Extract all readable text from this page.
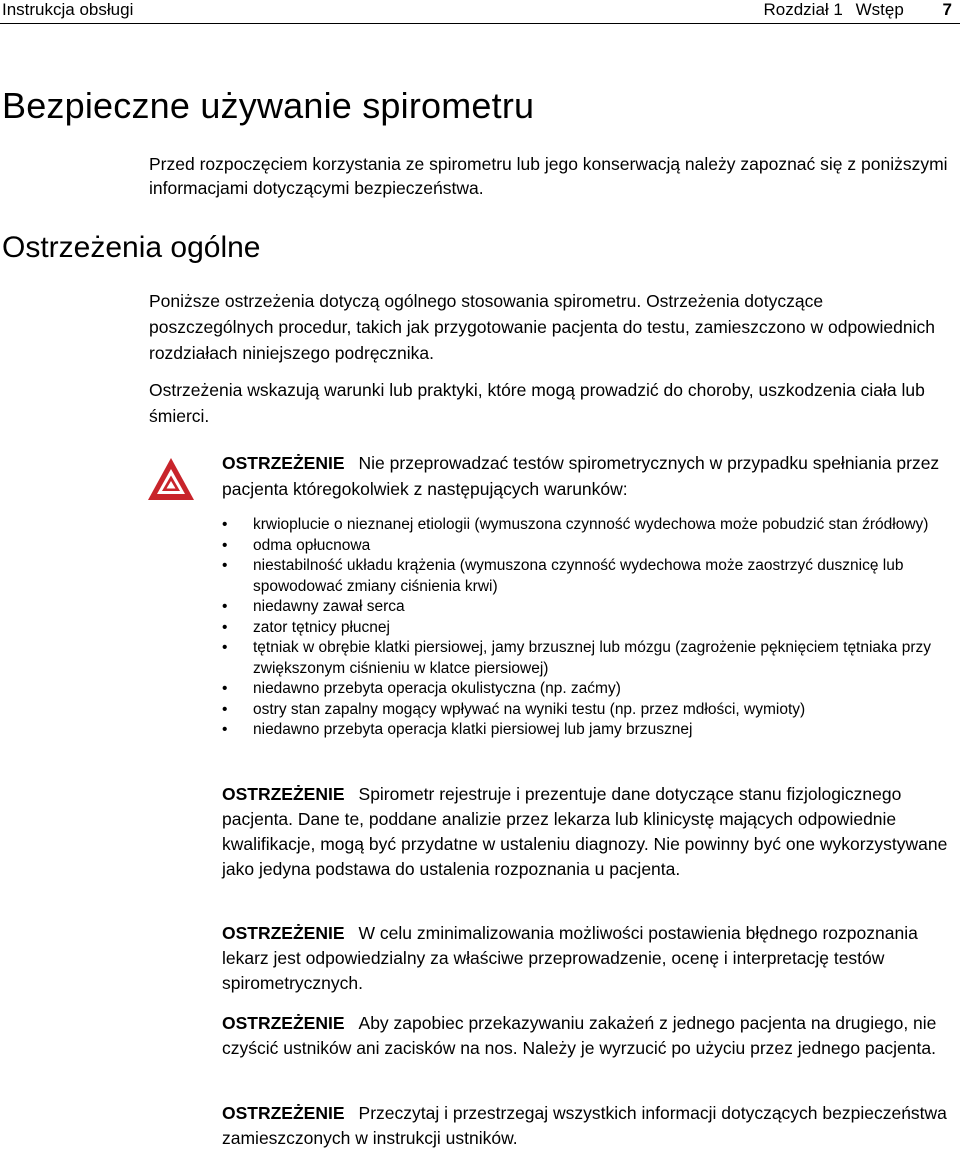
Instrukcja obsługi	Rozdział 1 Wstęp 7
Bezpieczne używanie spirometru

Przed rozpoczęciem korzystania ze spirometru lub jego konserwacją należy zapoznać się z poniższymi informacjami dotyczącymi bezpieczeństwa.

Ostrzeżenia ogólne

Poniższe ostrzeżenia dotyczą ogólnego stosowania spirometru. Ostrzeżenia dotyczące poszczególnych procedur, takich jak przygotowanie pacjenta do testu, zamieszczono w odpowiednich rozdziałach niniejszego podręcznika.

Ostrzeżenia wskazują warunki lub praktyki, które mogą prowadzić do choroby, uszkodzenia ciała lub śmierci.

OSTRZEŻENIE Nie przeprowadzać testów spirometrycznych w przypadku spełniania przez pacjenta któregokolwiek z następujących warunków:

• krwioplucie o nieznanej etiologii (wymuszona czynność wydechowa może pobudzić stan źródłowy)
• odma opłucnowa
• niestabilność układu krążenia (wymuszona czynność wydechowa może zaostrzyć dusznicę lub spowodować zmiany ciśnienia krwi)
• niedawny zawał serca
• zator tętnicy płucnej
• tętniak w obrębie klatki piersiowej, jamy brzusznej lub mózgu (zagrożenie pęknięciem tętniaka przy zwiększonym ciśnieniu w klatce piersiowej)
• niedawno przebyta operacja okulistyczna (np. zaćmy)
• ostry stan zapalny mogący wpływać na wyniki testu (np. przez mdłości, wymioty)
• niedawno przebyta operacja klatki piersiowej lub jamy brzusznej

OSTRZEŻENIE Spirometr rejestruje i prezentuje dane dotyczące stanu fizjologicznego pacjenta. Dane te, poddane analizie przez lekarza lub klinicystę mających odpowiednie kwalifikacje, mogą być przydatne w ustaleniu diagnozy. Nie powinny być one wykorzystywane jako jedyna podstawa do ustalenia rozpoznania u pacjenta.

OSTRZEŻENIE W celu zminimalizowania możliwości postawienia błędnego rozpoznania lekarz jest odpowiedzialny za właściwe przeprowadzenie, ocenę i interpretację testów spirometrycznych.

OSTRZEŻENIE Aby zapobiec przekazywaniu zakażeń z jednego pacjenta na drugiego, nie czyścić ustników ani zacisków na nos. Należy je wyrzucić po użyciu przez jednego pacjenta.

OSTRZEŻENIE Przeczytaj i przestrzegaj wszystkich informacji dotyczących bezpieczeństwa zamieszczonych w instrukcji ustników.
